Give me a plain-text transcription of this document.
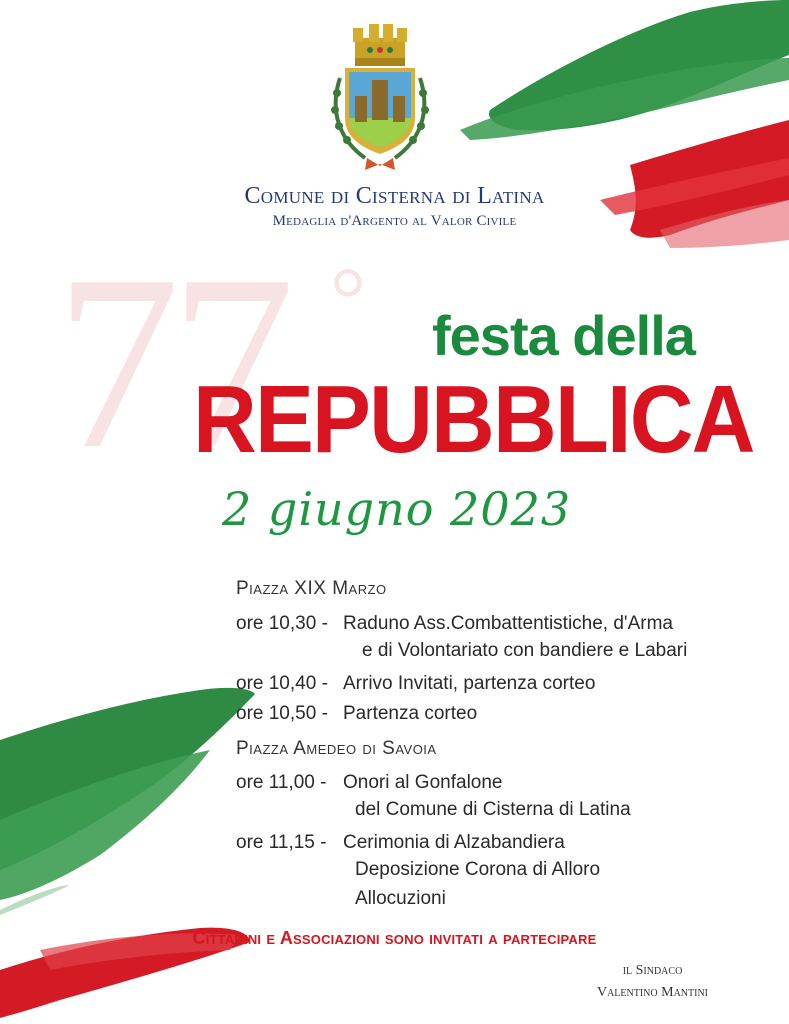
Comune di Cisterna di Latina
Medaglia d'Argento al Valor Civile
77 ° festa della
REPUBBLICA
2 giugno 2023
Piazza XIX Marzo
ore 10,30 - Raduno Ass.Combattentistiche, d'Arma
e di Volontariato con bandiere e Labari
ore 10,40 - Arrivo Invitati, partenza corteo
ore 10,50 - Partenza corteo
Piazza Amedeo di Savoia
ore 11,00 - Onori al Gonfalone
del Comune di Cisterna di Latina
ore 11,15 - Cerimonia di Alzabandiera
Deposizione Corona di Alloro
Allocuzioni
Cittadini e Associazioni sono invitati a partecipare
il Sindaco
Valentino Mantini
